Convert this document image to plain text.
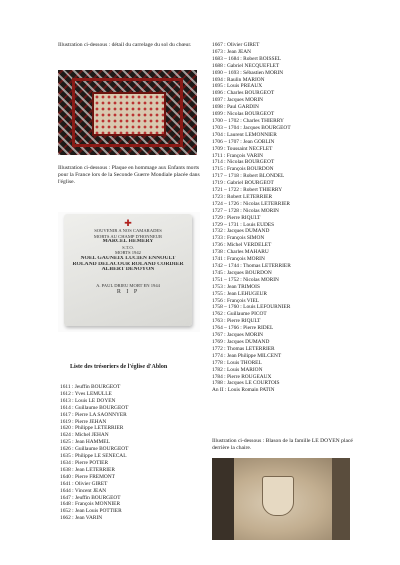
Illustration ci-dessous : détail du carrelage du sol du chœur.

Illustration ci-dessous : Plaque en hommage aux Enfants morts pour la France lors de la Seconde Guerre Mondiale placée dans l'église.

✚
SOUVENIR A NOS CAMARADES
MORTS AU CHAMP D'HONNEUR
MARCEL HÉMERY
S.T.O.
MORTS 1942
NOEL GAUNEIX LUCIEN ENNOULT
ROLAND DELACOUR ROLAND CORDIER
ALBERT DENOYON
A. PAUL DRIEU MORT EN 1944
R I P

Liste des trésoriers de l'église d'Ablon

1611 : Jeuffin BOURGEOT
1612 : Yves LEMULLE
1613 : Louis LE DOYEN
1614 : Guillaume BOURGEOT
1617 : Pierre LA SAONNYER
1619 : Pierre JEHAN
1620 : Philippe LETERRIER
1624 : Michel JEHAN
1625 : Jean HAMMEL
1626 : Guillaume BOURGEOT
1635 : Philippe LE SENECAL
1634 : Pierre POTIER
1638 : Jean LETERRIER
1640 : Pierre FREMONT
1641 : Olivier GIRET
1644 : Vincent JEAN
1647 : Jeuffin BOURGEOT
1648 : François MONNIER
1652 : Jean Louis POTTIER
1662 : Jean VARIN
1667 : Olivier GIRET
1673 : Jean JEAN
1683 – 1684 : Robert BOISSEL
1688 : Gabriel NECQUEFLET
1690 – 1693 : Sébastien MORIN
1694 : Raulin MARION
1695 : Louis PREAUX
1696 : Charles BOURGEOT
1697 : Jacques MORIN
1698 : Paul GARDIN
1699 : Nicolas BOURGEOT
1700 – 1702 : Charles THIERRY
1703 – 1704 : Jacques BOURGEOT
1704 : Laurent LEMONNIER
1706 – 1707 : Jean GOBLIN
1709 : Toussaint NECFLET
1711 : François VARIN
1714 : Nicolas BOURGEOT
1715 : François BOURDON
1717 – 1718 : Robert BLONDEL
1719 : Gabriel BOURGEOT
1721 – 1722 : Robert THIERRY
1723 : Robert LETERRIER
1724 – 1726 : Nicolas LETERRIER
1727 – 1728 : Nicolas MORIN
1729 : Pierre RIQULT
1729 – 1731 : Louis EUDES
1732 : Jacques DUMAND
1733 : François SIMON
1736 : Michel VERDELET
1738 : Charles MAHARU
1741 : François MORIN
1742 – 1744 : Thomas LETERRIER
1745 : Jacques BOURDON
1751 – 1752 : Nicolas MORIN
1753 : Jean TRIMOIS
1755 : Jean LEHUGEUR
1756 : François VIEL
1758 – 1760 : Louis LEFOURNIER
1762 : Guillaume PICOT
1763 : Pierre RIQULT
1764 – 1766 : Pierre RIDEL
1767 : Jacques MORIN
1769 : Jacques DUMAND
1772 : Thomas LETERRIER
1774 : Jean Philippe MILCENT
1778 : Louis THOREL
1782 : Louis MARION
1784 : Pierre ROUGEAUX
1788 : Jacques LE COURTOIS
An II : Louis Romain PATIN

Illustration ci-dessous : Blason de la famille LE DOYEN placé derrière la chaire.
